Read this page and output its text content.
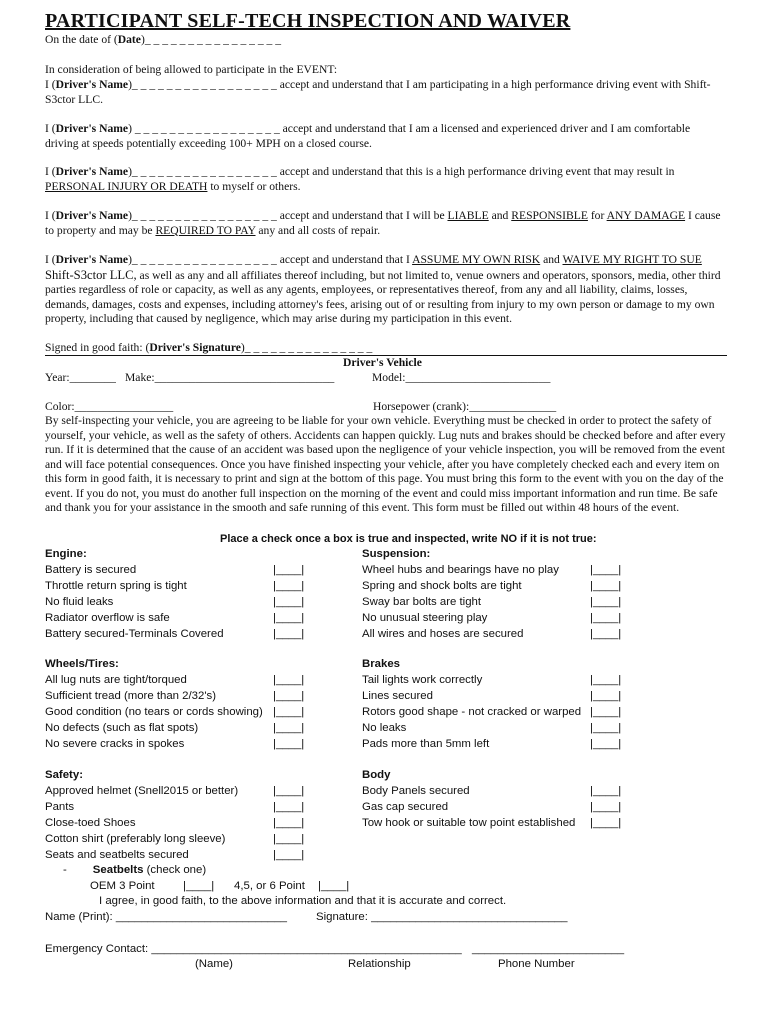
PARTICIPANT SELF-TECH INSPECTION AND WAIVER
On the date of (Date)_ _ _ _ _ _ _ _ _ _ _ _ _ _ _ _
In consideration of being allowed to participate in the EVENT:
I (Driver's Name)_ _ _ _ _ _ _ _ _ _ _ _ _ _ _ _ _ accept and understand that I am participating in a high performance driving event with Shift-S3ctor LLC.
I (Driver's Name) _ _ _ _ _ _ _ _ _ _ _ _ _ _ _ _ _ accept and understand that I am a licensed and experienced driver and I am comfortable driving at speeds potentially exceeding 100+ MPH on a closed course.
I (Driver's Name)_ _ _ _ _ _ _ _ _ _ _ _ _ _ _ _ _ accept and understand that this is a high performance driving event that may result in PERSONAL INJURY OR DEATH to myself or others.
I (Driver's Name)_ _ _ _ _ _ _ _ _ _ _ _ _ _ _ _ _ accept and understand that I will be LIABLE and RESPONSIBLE for ANY DAMAGE I cause to property and may be REQUIRED TO PAY any and all costs of repair.
I (Driver's Name)_ _ _ _ _ _ _ _ _ _ _ _ _ _ _ _ _ accept and understand that I ASSUME MY OWN RISK and WAIVE MY RIGHT TO SUE Shift-S3ctor LLC, as well as any and all affiliates thereof including, but not limited to, venue owners and operators, sponsors, media, other third parties regardless of role or capacity, as well as any agents, employees, or representatives thereof, from any and all liability, claims, losses, demands, damages, costs and expenses, including attorney's fees, arising out of or resulting from injury to my own person or damage to my own property, including that caused by negligence, which may arise during my participation in this event.
Signed in good faith: (Driver's Signature)_ _ _ _ _ _ _ _ _ _ _ _ _ _ _
Driver's Vehicle
Year:________ Make:_______________________________	Model:_________________________
Color:_________________	Horsepower (crank):_______________
By self-inspecting your vehicle, you are agreeing to be liable for your own vehicle. Everything must be checked in order to protect the safety of yourself, your vehicle, as well as the safety of others. Accidents can happen quickly. Lug nuts and brakes should be checked before and after every run. If it is determined that the cause of an accident was based upon the negligence of your vehicle inspection, you will be removed from the event and will face potential consequences. Once you have finished inspecting your vehicle, after you have completely checked each and every item on this form in good faith, it is necessary to print and sign at the bottom of this page. You must bring this form to the event with you on the day of the event. If you do not, you must do another full inspection on the morning of the event and could miss important information and run time. Be safe and thank you for your assistance in the smooth and safe running of this event. This form must be filled out within 48 hours of the event.
Place a check once a box is true and inspected, write NO if it is not true:
Engine:
Battery is secured	|____|
Throttle return spring is tight	|____|
No fluid leaks	|____|
Radiator overflow is safe	|____|
Battery secured-Terminals Covered	|____|
Suspension:
Wheel hubs and bearings have no play	|____|
Spring and shock bolts are tight	|____|
Sway bar bolts are tight	|____|
No unusual steering play	|____|
All wires and hoses are secured	|____|
Wheels/Tires:
All lug nuts are tight/torqued	|____|
Sufficient tread (more than 2/32's)	|____|
Good condition (no tears or cords showing) |____|
No defects (such as flat spots)	|____|
No severe cracks in spokes	|____|
Brakes
Tail lights work correctly	|____|
Lines secured	|____|
Rotors good shape - not cracked or warped |____|
No leaks	|____|
Pads more than 5mm left	|____|
Safety:
Approved helmet (Snell2015 or better)	|____|
Pants	|____|
Close-toed Shoes	|____|
Cotton shirt (preferably long sleeve)	|____|
Seats and seatbelts secured	|____|
Body
Body Panels secured	|____|
Gas cap secured	|____|
Tow hook or suitable tow point established |____|
- Seatbelts (check one)
OEM 3 Point |____| 4,5, or 6 Point |____|
I agree, in good faith, to the above information and that it is accurate and correct.
Name (Print): ___________________________	Signature: _______________________________
Emergency Contact: __________________________ _______________________ ________________________
(Name)	Relationship	Phone Number
